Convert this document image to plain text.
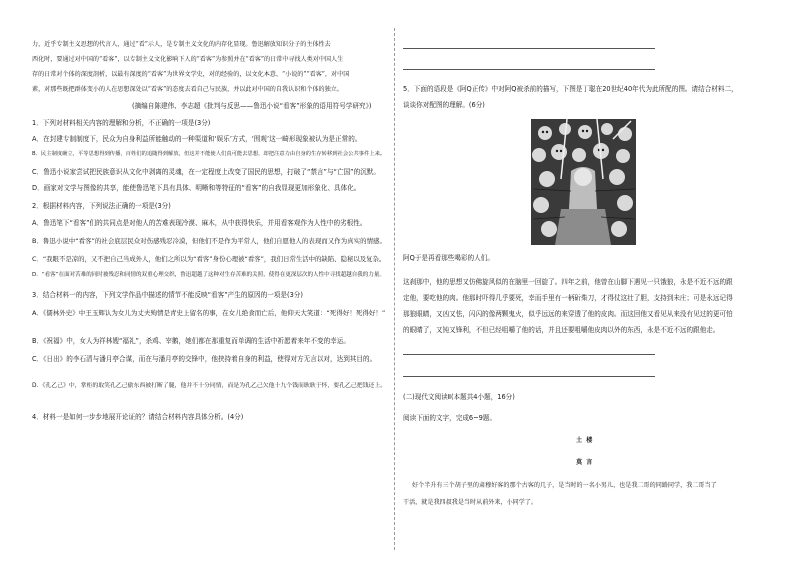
力，近乎专制主义思想的代言人，通过“看”示人，是专制主义文化的内存化显现。鲁迅解放知识分子的主体性去

西化时，要通过对中国的“看客”，以专制主义文化影响下人的“看客”为参照并在“看客”的日常中寻找人类对中国人生

存的日常对个体的深度剖析，以最有深度的“看客”为世界文学史，对的经验的，以文化本意、“小说的”“看客”，对中国

素，对那些既把群体变小的人在思想深处以“看客”的态度去看自己与民族，并以此对中国的自我认识和个体的独立。

(摘编自陈建伟、李志超《批判与反思——鲁迅小说“看客”形象的语用符号学研究》)

1．下列对材料相关内容的理解和分析，不正确的一项是(3分)

A．在封建专制制度下，民众为自身利益所能触动的一种渠道和‘娱乐’方式，‘围观’这一畸形现象被认为是正常的。

B．民主制度确立，平等思想得到传播，百姓们的追随得到解放，但这并不能使人们真可能去思想，却把注意力由自身的生存转移到社会公共事件上来。

C．鲁迅小说家尝试把民族意识从文化中剥离的灵魂，在一定程度上改变了国民的思想，打破了“禁言”与“亡国”的沉默。

D．画家对文学与图像的共享，能使鲁迅笔下具有具体、明晰和等特征的“看客”的自我显现更加形象化、具体化。

2．根据材料内容，下列说法正确的一项是(3分)

A．鲁迅笔下“看客”们的共同点是对他人的苦难表现冷漠、麻木，从中获得快乐，并用看客观作为人性中的劣根性。

B．鲁迅小说中“看客”的社会底层民众对伤感残忍冷漠，但他们不是作为平常人，他们自愿他人的表现而又作为真实的情感。

C．“我眼不是凉的，又不把自己当成外人，他们之所以为“看客”身份心理被“看客”，我们日常生活中的缺陷、隐秘以及复杂。

D．“看客”在面对苦难的同时被残忍和同情的双重心理交织，鲁迅超越了这种对生存苦难的关照，使得在更深层次的人性中寻找超越自我的力量。

3．结合材料一的内容，下列文学作品中描述的情节不能反映“看客”产生的原因的一项是(3分)

A．《儒林外史》中王玉辉认为女儿为丈夫殉情是青史上留名的事，在女儿绝食而亡后，他仰天大笑道：“死得好！死得好！”

B．《祝福》中，女人为祥林嫂“福礼”，杀鸡、宰鹅，她们都在那重复而单调的生活中祈愿着来年不变的幸运。

C．《日出》的李石清与潘月亭合谋，而在与潘月亭的交锋中，他挟持着自身的利益，使得对方无言以对，达到其目的。

D．《孔乙己》中，掌柜的取笑孔乙己偷东西被打断了腿，他并不十分同情，而是为孔乙己欠他十九个钱而耿耿于怀，要孔乙己把钱还上。

4．材料一是如何一步步地展开论证的？请结合材料内容具体分析。(4分)

5．下面的语段是《阿Q正传》中对阿Q被杀前的描写，下图是丁聪在20世纪40年代为此所配的图。请结合材料二，

谈谈你对配图的理解。(6分)

阿Q于是再看那些喝彩的人们。

这刹那中，他的思想又仿佛旋风似的在脑里一回旋了。四年之前，他曾在山脚下遇见一只饿狼，永是不近不远的跟

定他，要吃他的肉。他那时吓得几乎要死，幸而手里有一柄斫柴刀，才得仗这壮了胆，支持到未庄；可是永远记得

那狼眼睛，又凶又怯，闪闪的像两颗鬼火，似乎远远的来穿透了他的皮肉。而这回他又看见从来没有见过的更可怕

的眼睛了，又钝又锋利，不但已经咀嚼了他的话，并且还要咀嚼他皮肉以外的东西，永是不近不远的跟他走。

(二)现代文阅读Ⅱ(本题共4小题，16分)

阅读下面的文字，完成6~9题。

土 楼

莫 言

好个半升有三个胡子里的肃穆好客的那个古客的几子，是当时的一名小男儿，也是我二哥的同路同学，我二哥当了

干活，就是我四叔我是当时从前外来，小同学了。
